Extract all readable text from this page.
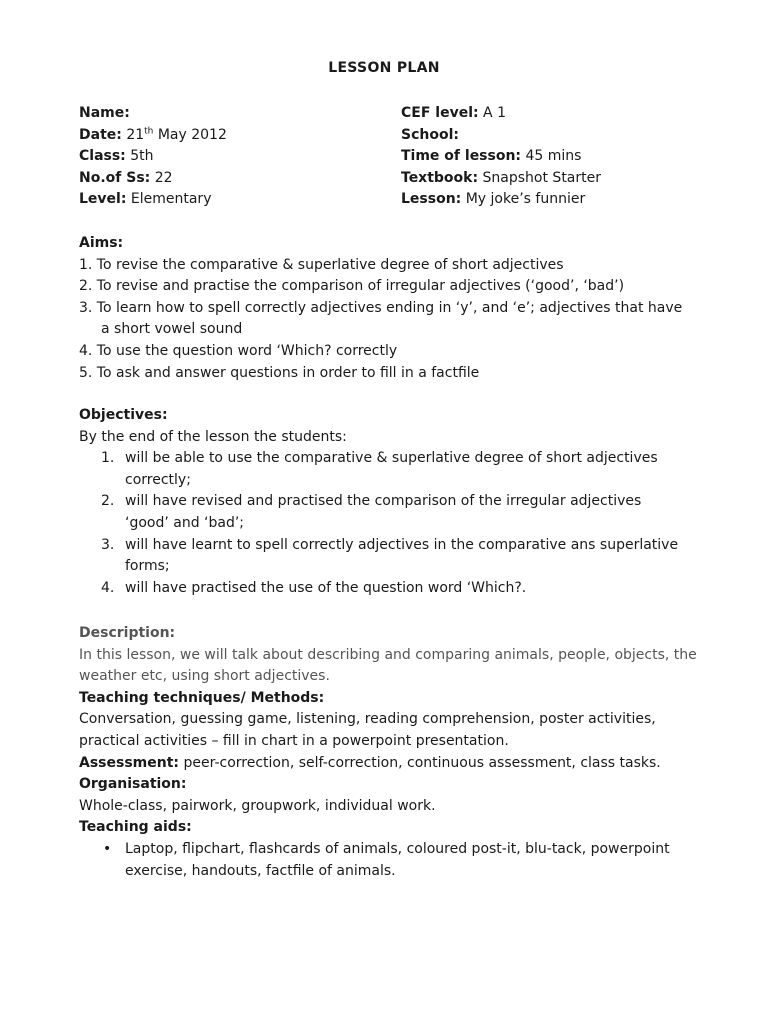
LESSON PLAN
Name:
Date: 21th May 2012
Class: 5th
No.of Ss: 22
Level: Elementary
CEF level: A 1
School:
Time of lesson: 45 mins
Textbook: Snapshot Starter
Lesson: My joke’s funnier
Aims:
1. To revise the comparative & superlative degree of short adjectives
2. To revise and practise the comparison of irregular adjectives (‘good’, ‘bad’)
3. To learn how to spell correctly adjectives ending in ‘y’, and ‘e’; adjectives that have a short vowel sound
4. To use the question word ‘Which? correctly
5. To ask and answer questions in order to fill in a factfile
Objectives:
By the end of the lesson the students:
1. will be able to use the comparative & superlative degree of short adjectives correctly;
2. will have revised and practised the comparison of the irregular adjectives ‘good’ and ‘bad’;
3. will have learnt to spell correctly adjectives in the comparative ans superlative forms;
4. will have practised the use of the question word ‘Which?.
Description:
In this lesson, we will talk about describing and comparing animals, people, objects, the weather etc, using short adjectives.
Teaching techniques/ Methods:
Conversation, guessing game, listening, reading comprehension, poster activities, practical activities – fill in chart in a powerpoint presentation.
Assessment: peer-correction, self-correction, continuous assessment, class tasks.
Organisation:
Whole-class, pairwork, groupwork, individual work.
Teaching aids:
• Laptop, flipchart, flashcards of animals, coloured post-it, blu-tack, powerpoint exercise, handouts, factfile of animals.
